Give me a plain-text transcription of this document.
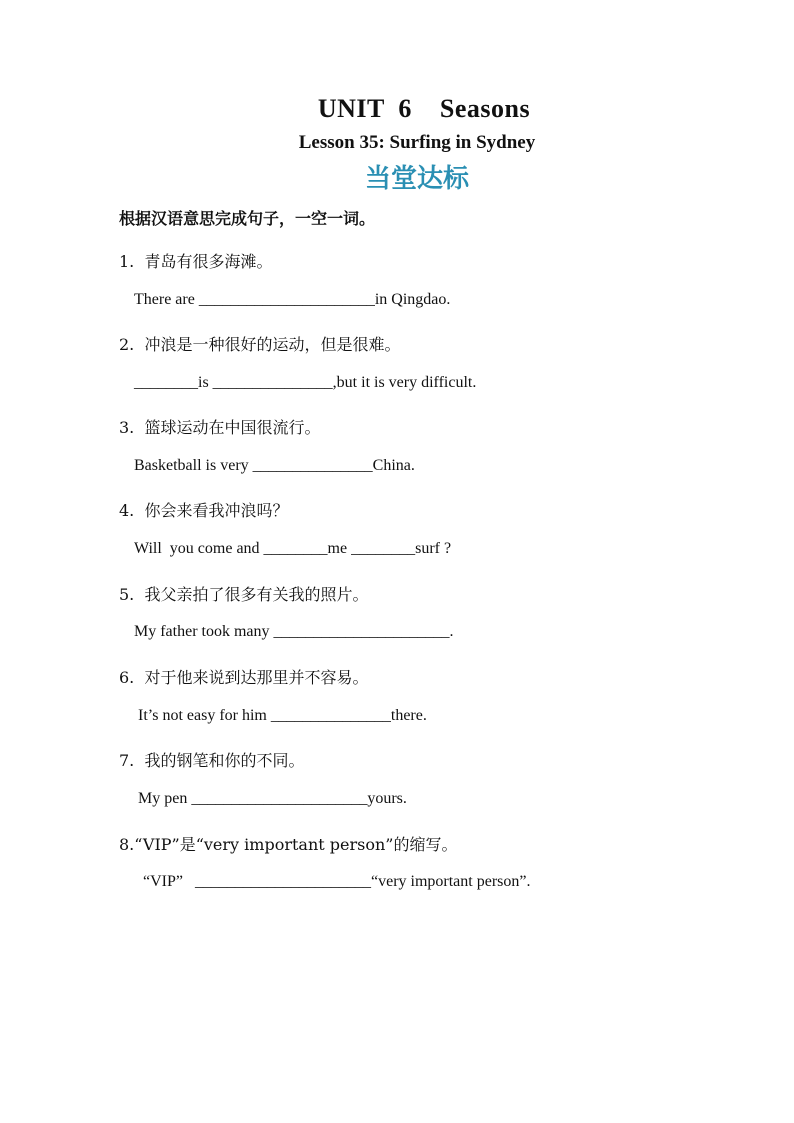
UNIT  6    Seasons
Lesson 35: Surfing in Sydney
当堂达标
根据汉语意思完成句子，一空一词。
1.  青岛有很多海滩。
There are ______________________in Qingdao.
2.  冲浪是一种很好的运动，但是很难。
________is _______________,but it is very difficult.
3.  篮球运动在中国很流行。
Basketball is very _______________China.
4.  你会来看我冲浪吗？
Will  you come and ________me ________surf ?
5.  我父亲拍了很多有关我的照片。
My father took many ______________________.
6.  对于他来说到达那里并不容易。
It’s not easy for him _______________there.
7.  我的钢笔和你的不同。
My pen ______________________yours.
8.“VIP”是“very important person”的缩写。
“VIP”   ______________________“very important person”.
